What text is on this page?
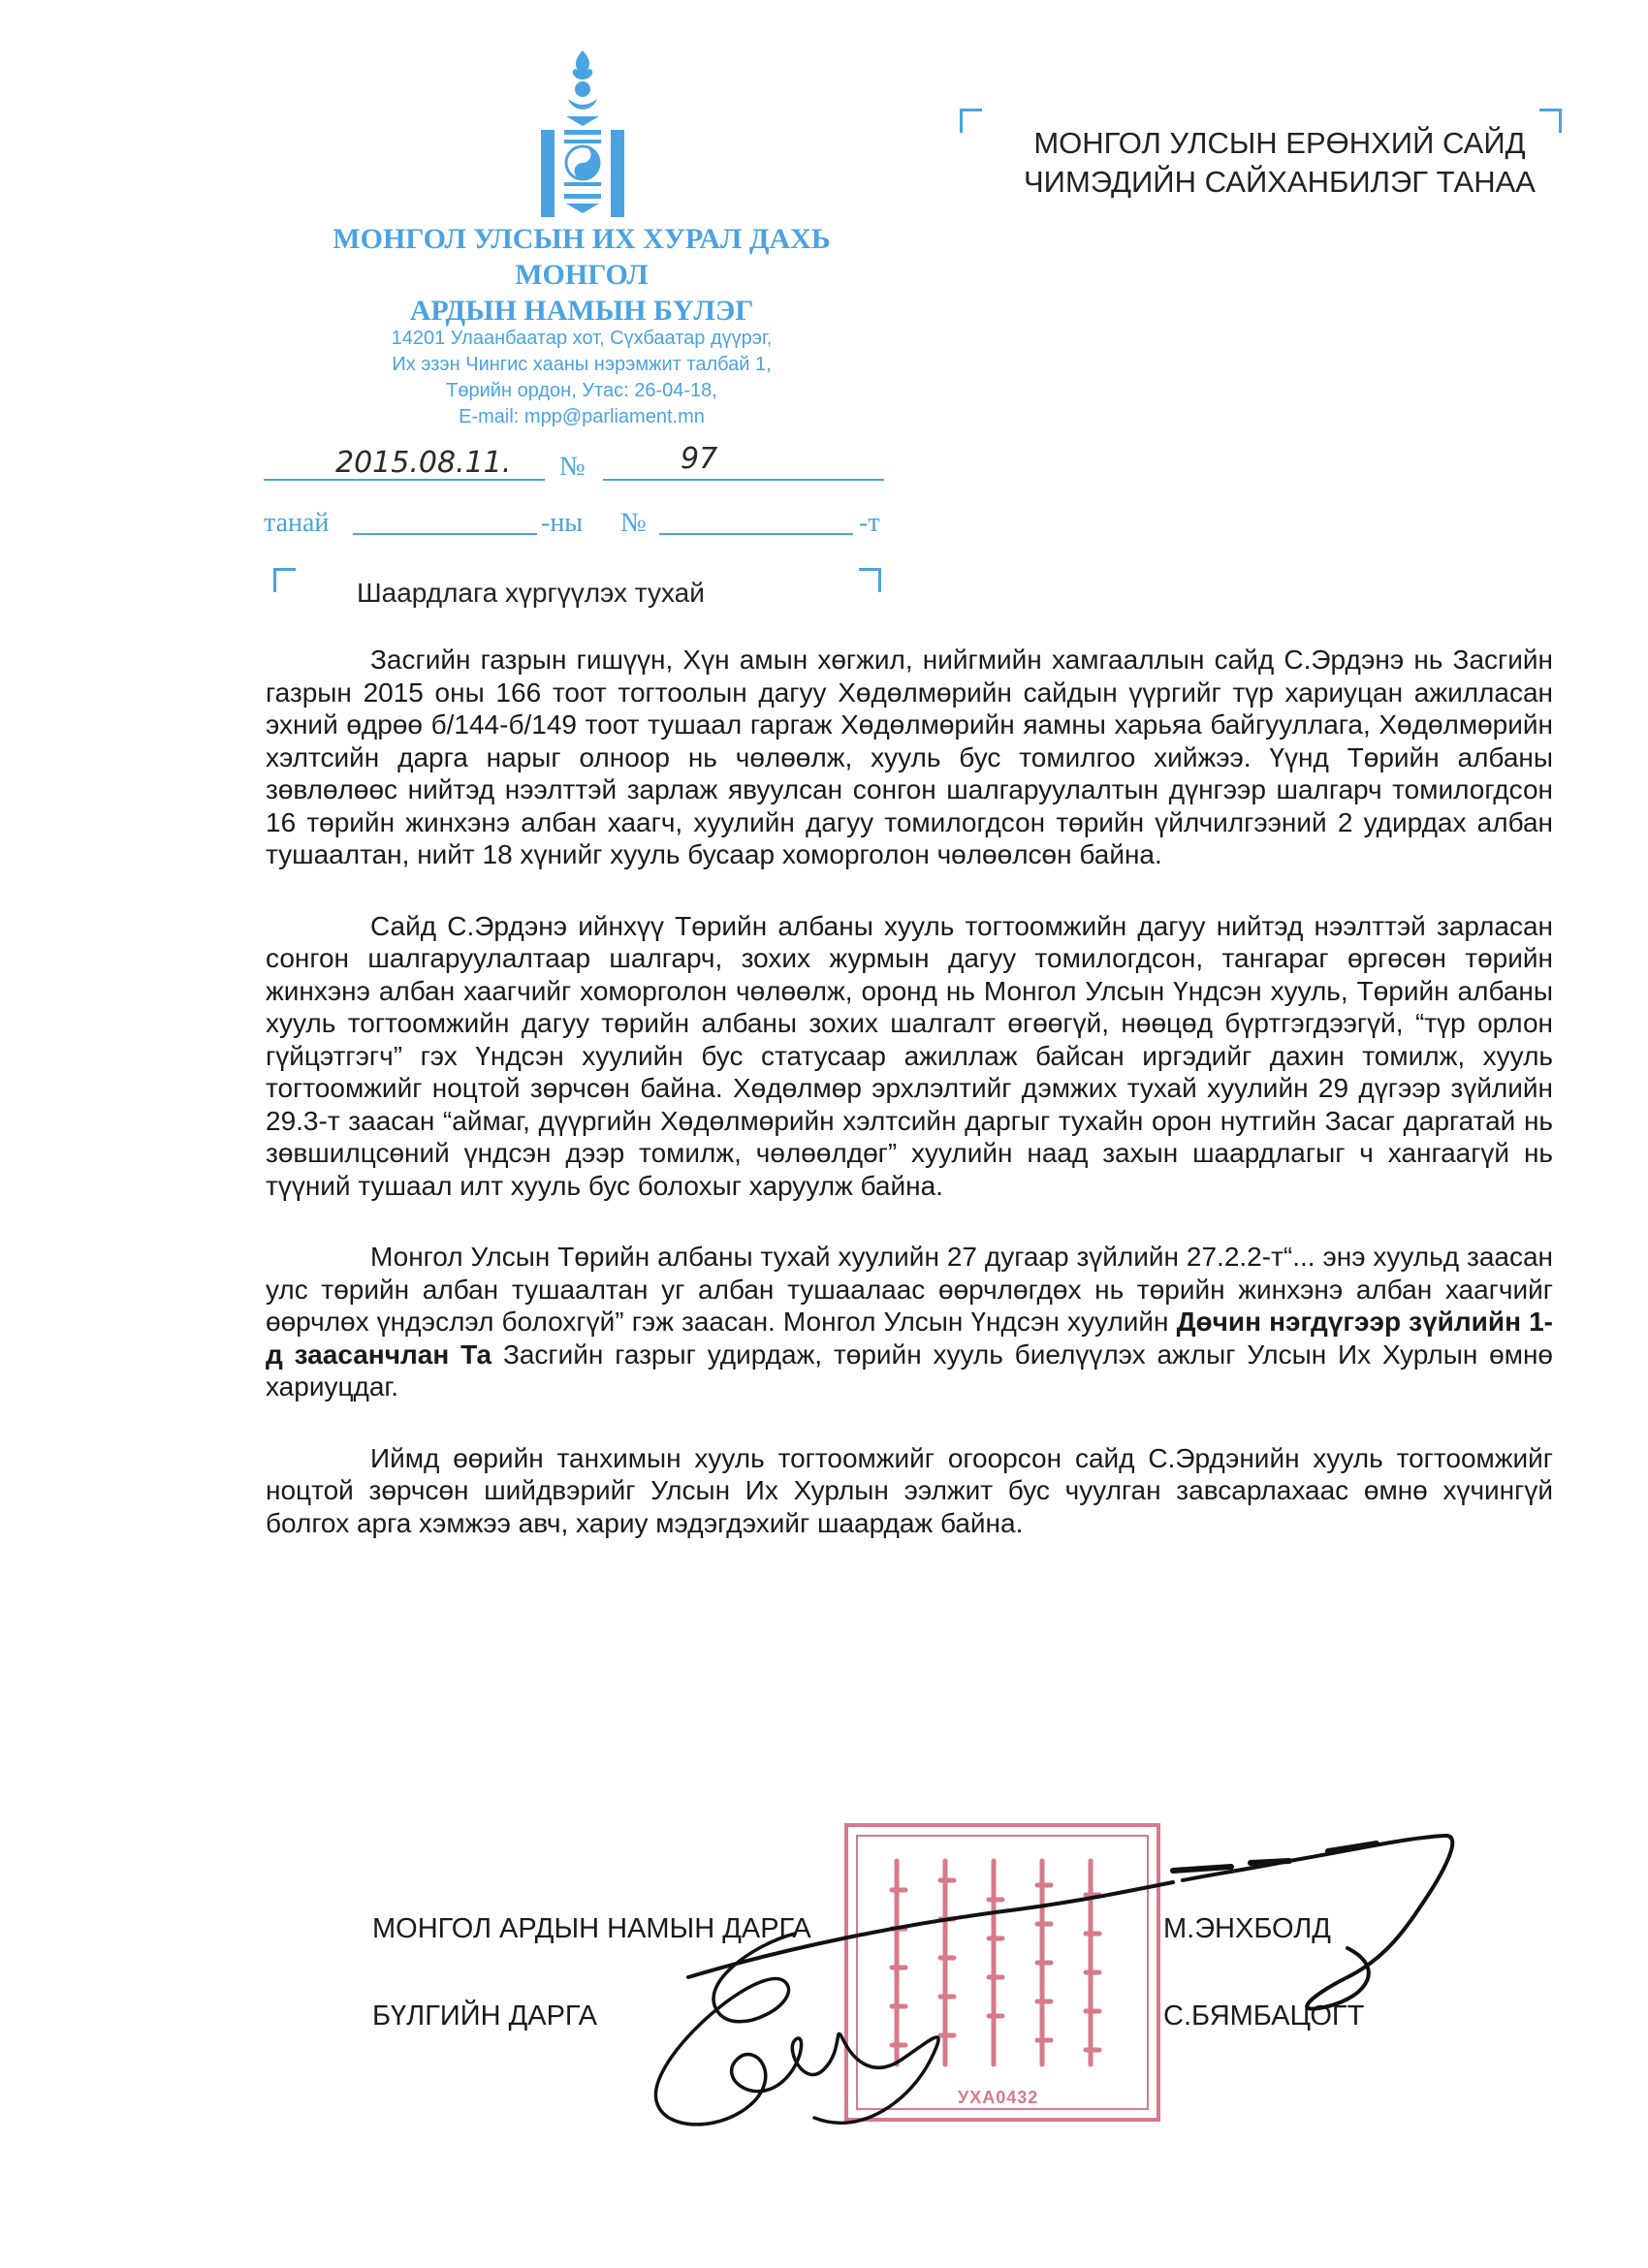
МОНГОЛ УЛСЫН ИХ ХУРАЛ ДАХЬ
МОНГОЛ
АРДЫН НАМЫН БҮЛЭГ
14201 Улаанбаатар хот, Сүхбаатар дүүрэг,
Их эзэн Чингис хааны нэрэмжит талбай 1,
Төрийн ордон, Утас: 26-04-18,
E-mail: mpp@parliament.mn
2015.08.11. №	97
танай	-ны №	-т
МОНГОЛ УЛСЫН ЕРӨНХИЙ САЙД
ЧИМЭДИЙН САЙХАНБИЛЭГ ТАНАА
Шаардлага хүргүүлэх тухай

Засгийн газрын гишүүн, Хүн амын хөгжил, нийгмийн хамгааллын сайд С.Эрдэнэ нь Засгийн газрын 2015 оны 166 тоот тогтоолын дагуу Хөдөлмөрийн сайдын үүргийг түр хариуцан ажилласан эхний өдрөө б/144-б/149 тоот тушаал гаргаж Хөдөлмөрийн яамны харьяа байгууллага, Хөдөлмөрийн хэлтсийн дарга нарыг олноор нь чөлөөлж, хууль бус томилгоо хийжээ. Үүнд Төрийн албаны зөвлөлөөс нийтэд нээлттэй зарлаж явуулсан сонгон шалгаруулалтын дүнгээр шалгарч томилогдсон 16 төрийн жинхэнэ албан хаагч, хуулийн дагуу томилогдсон төрийн үйлчилгээний 2 удирдах албан тушаалтан, нийт 18 хүнийг хууль бусаар хоморголон чөлөөлсөн байна.

Сайд С.Эрдэнэ ийнхүү Төрийн албаны хууль тогтоомжийн дагуу нийтэд нээлттэй зарласан сонгон шалгаруулалтаар шалгарч, зохих журмын дагуу томилогдсон, тангараг өргөсөн төрийн жинхэнэ албан хаагчийг хоморголон чөлөөлж, оронд нь Монгол Улсын Үндсэн хууль, Төрийн албаны хууль тогтоомжийн дагуу төрийн албаны зохих шалгалт өгөөгүй, нөөцөд бүртгэгдээгүй, “түр орлон гүйцэтгэгч” гэх Үндсэн хуулийн бус статусаар ажиллаж байсан иргэдийг дахин томилж, хууль тогтоомжийг ноцтой зөрчсөн байна. Хөдөлмөр эрхлэлтийг дэмжих тухай хуулийн 29 дүгээр зүйлийн 29.3-т заасан “аймаг, дүүргийн Хөдөлмөрийн хэлтсийн даргыг тухайн орон нутгийн Засаг даргатай нь зөвшилцсөний үндсэн дээр томилж, чөлөөлдөг” хуулийн наад захын шаардлагыг ч хангаагүй нь түүний тушаал илт хууль бус болохыг харуулж байна.

Монгол Улсын Төрийн албаны тухай хуулийн 27 дугаар зүйлийн 27.2.2-т“... энэ хуульд заасан улс төрийн албан тушаалтан уг албан тушаалаас өөрчлөгдөх нь төрийн жинхэнэ албан хаагчийг өөрчлөх үндэслэл болохгүй” гэж заасан. Монгол Улсын Үндсэн хуулийн Дөчин нэгдүгээр зүйлийн 1-д заасанчлан Та Засгийн газрыг удирдаж, төрийн хууль биелүүлэх ажлыг Улсын Их Хурлын өмнө хариуцдаг.

Иймд өөрийн танхимын хууль тогтоомжийг огоорсон сайд С.Эрдэнийн хууль тогтоомжийг ноцтой зөрчсөн шийдвэрийг Улсын Их Хурлын ээлжит бус чуулган завсарлахаас өмнө хүчингүй болгох арга хэмжээ авч, хариу мэдэгдэхийг шаардаж байна.

УХА0432
МОНГОЛ АРДЫН НАМЫН ДАРГА	М.ЭНХБОЛД
БҮЛГИЙН ДАРГА	С.БЯМБАЦОГТ
